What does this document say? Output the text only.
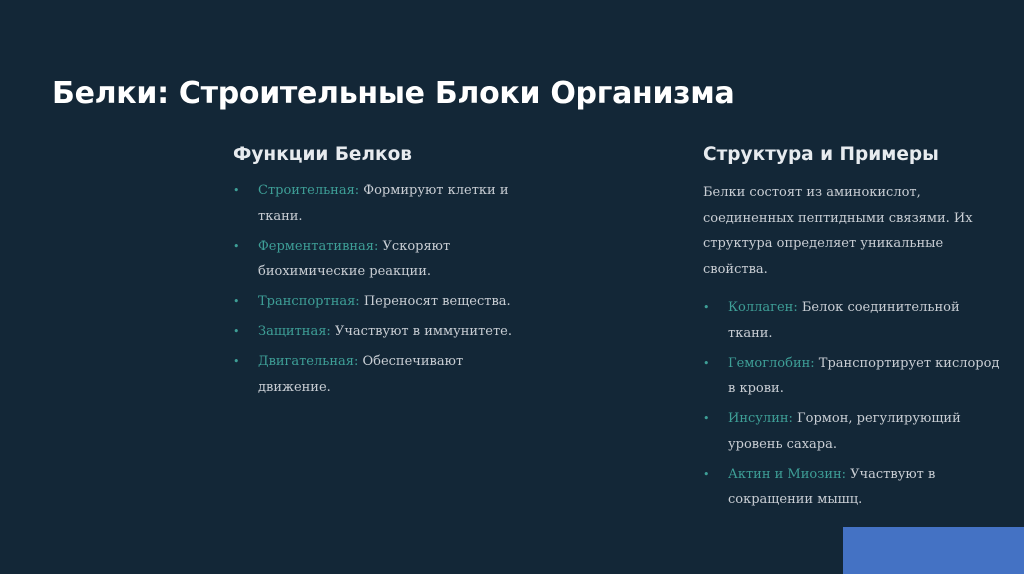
Белки: Строительные Блоки Организма
Функции Белков
• Строительная: Формируют клетки и ткани.
• Ферментативная: Ускоряют биохимические реакции.
• Транспортная: Переносят вещества.
• Защитная: Участвуют в иммунитете.
• Двигательная: Обеспечивают движение.
Структура и Примеры

Белки состоят из аминокислот, соединенных пептидными связями. Их структура определяет уникальные свойства.

• Коллаген: Белок соединительной ткани.
• Гемоглобин: Транспортирует кислород в крови.
• Инсулин: Гормон, регулирующий уровень сахара.
• Актин и Миозин: Участвуют в сокращении мышц.
